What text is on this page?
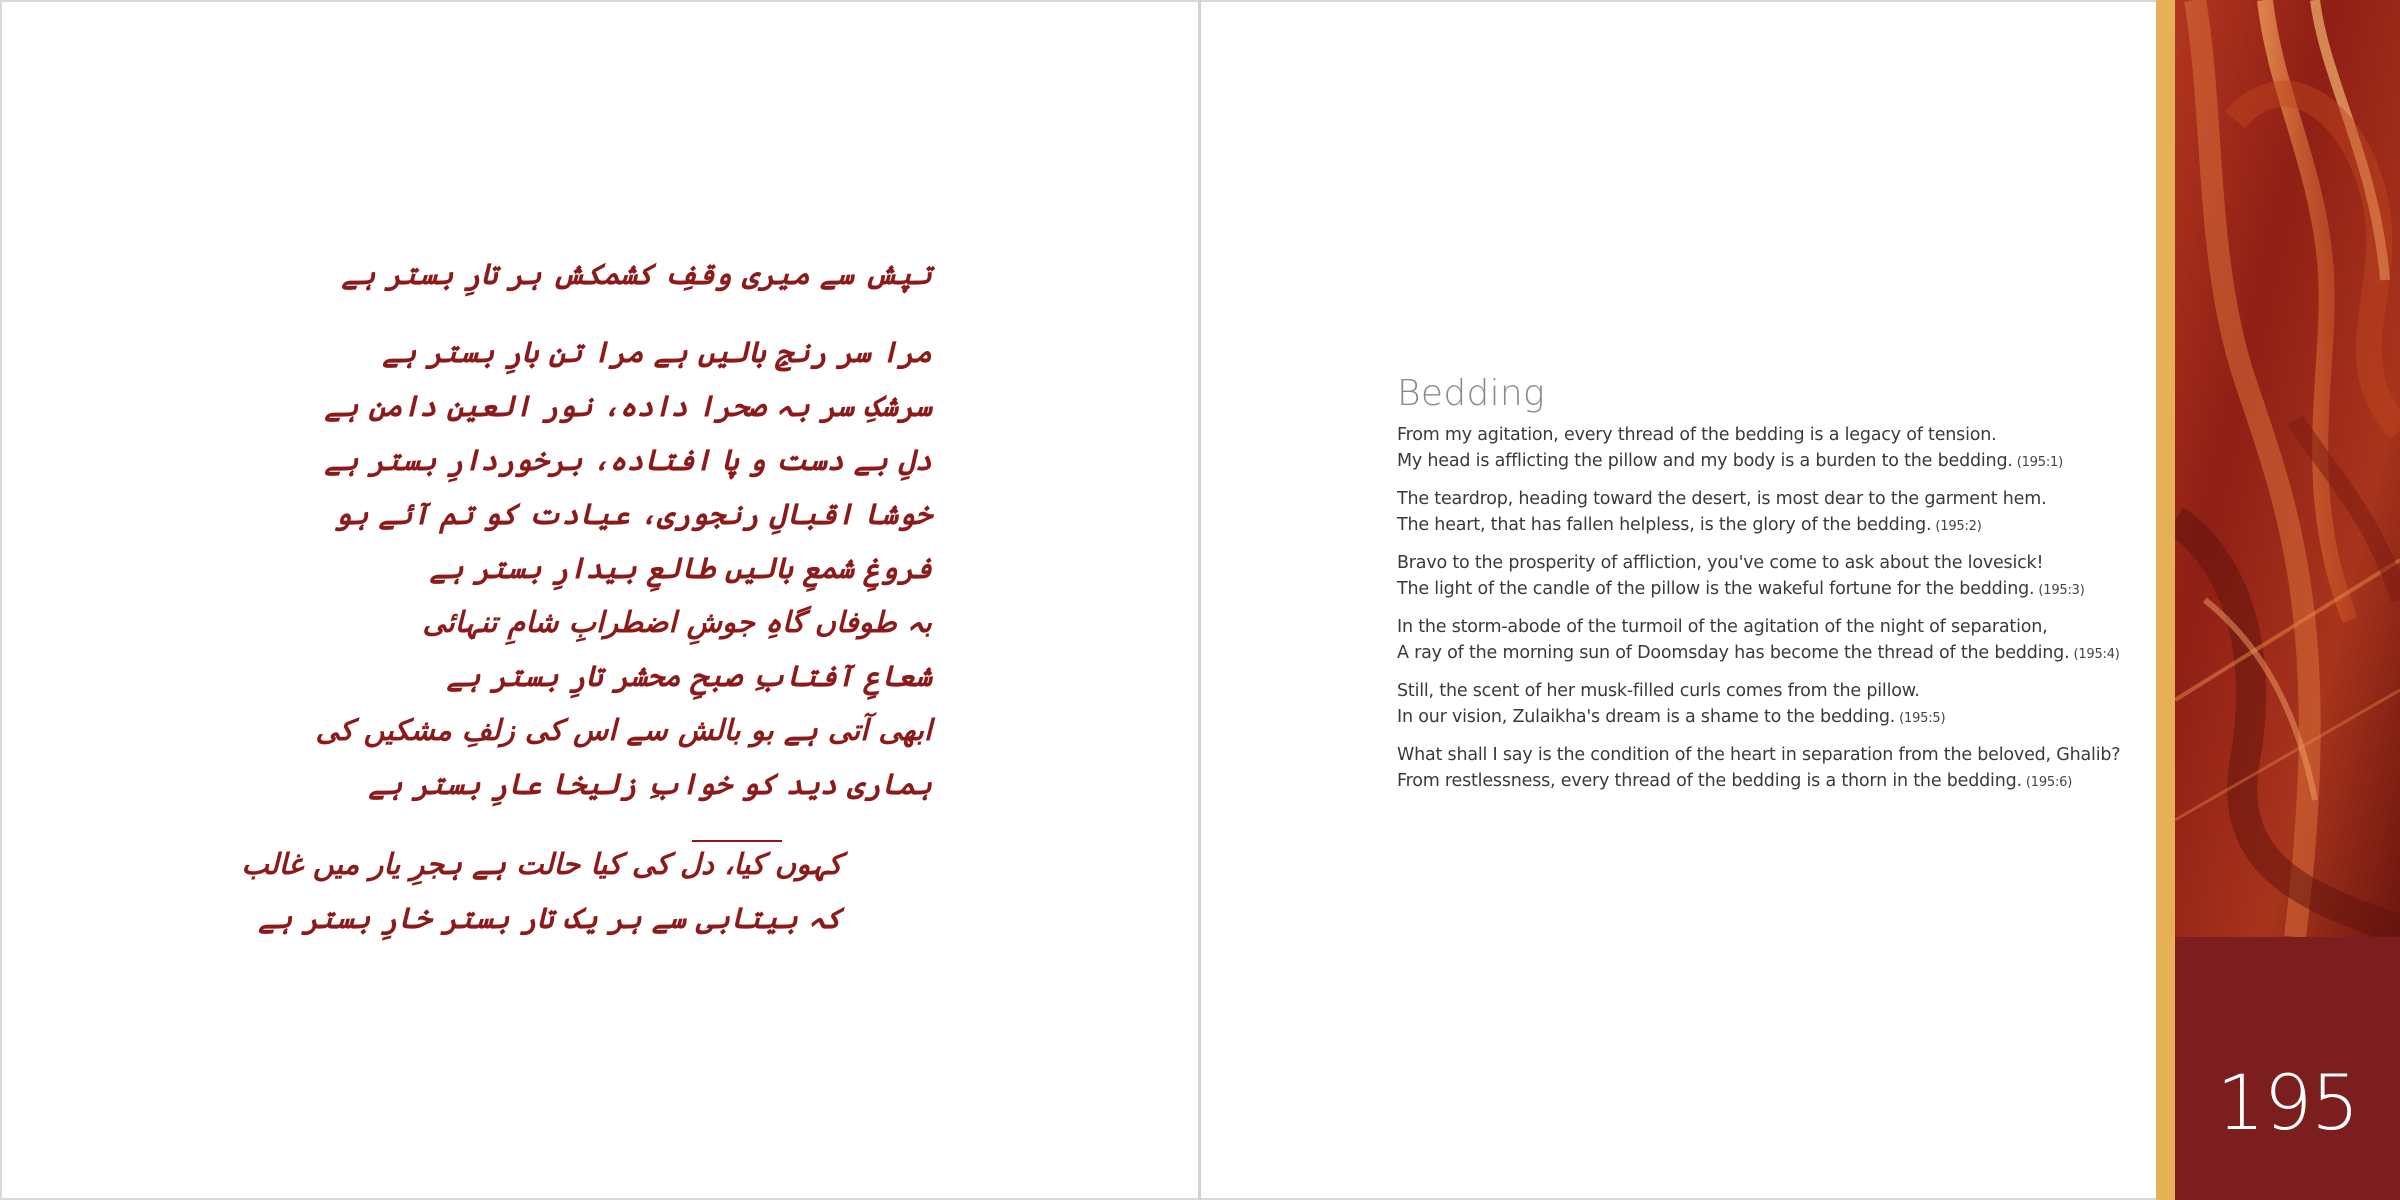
تپش سے میری وقفِ کشمکش ہر تارِ بستر ہے
مرا سر رنجِ بالیں ہے مرا تن بارِ بستر ہے
سرشکِ سر بہ صحرا دادہ، نور العینِ دامن ہے
دلِ بے دست و پا افتادہ، برخوردارِ بستر ہے
خوشا اقبالِ رنجوری، عیادت کو تم آئے ہو
فروغِ شمعِ بالیں طالعِ بیدارِ بستر ہے
بہ طوفاں گاہِ جوشِ اضطرابِ شامِ تنہائی
شعاعِ آفتابِ صبحِ محشر تارِ بستر ہے
ابھی آتی ہے بو بالش سے اس کی زلفِ مشکیں کی
ہماری دید کو خوابِ زلیخا عارِ بستر ہے
کہوں کیا، دل کی کیا حالت ہے ہجرِ یار میں غالب
کہ بیتابی سے ہر یک تار بستر خارِ بستر ہے
Bedding
From my agitation, every thread of the bedding is a legacy of tension.
My head is afflicting the pillow and my body is a burden to the bedding. (195:1)
The teardrop, heading toward the desert, is most dear to the garment hem.
The heart, that has fallen helpless, is the glory of the bedding. (195:2)
Bravo to the prosperity of affliction, you've come to ask about the lovesick!
The light of the candle of the pillow is the wakeful fortune for the bedding. (195:3)
In the storm-abode of the turmoil of the agitation of the night of separation,
A ray of the morning sun of Doomsday has become the thread of the bedding. (195:4)
Still, the scent of her musk-filled curls comes from the pillow.
In our vision, Zulaikha's dream is a shame to the bedding. (195:5)
What shall I say is the condition of the heart in separation from the beloved, Ghalib?
From restlessness, every thread of the bedding is a thorn in the bedding. (195:6)
195
